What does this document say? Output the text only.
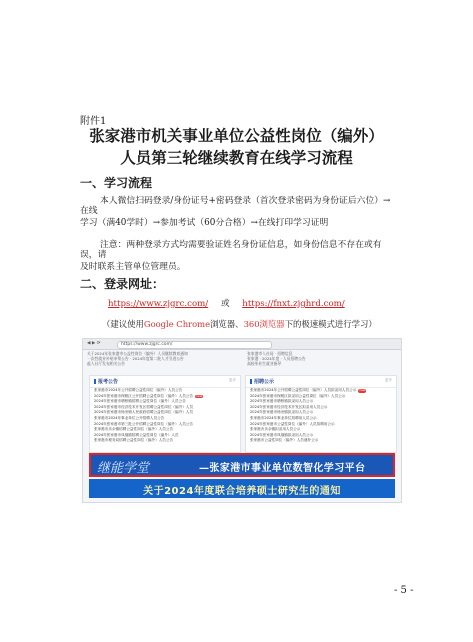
附件1
张家港市机关事业单位公益性岗位（编外）
人员第三轮继续教育在线学习流程
一、学习流程
本人微信扫码登录/身份证号+密码登录（首次登录密码为身份证后六位）→在线
学习（满40学时）→参加考试（60分合格）→在线打印学习证明
注意：两种登录方式均需要验证姓名身份证信息，如身份信息不存在或有误，请
及时联系主管单位管理员。
二、登录网址：
https://www.zjgrc.com/ 或 https://fnxt.zjghrd.com/
（建议使用Google Chrome浏览器、360浏览器下的极速模式进行学习）
◀ ▶ ⟳	https://www.zjgrc.com/
关于2024年张家港市公益性岗位（编外）人员继续教育通知
一次性就业补贴申领公告 · 2024年度第二批人才引进公告
盐人社厅发布相关公告
张家港市人社局 · 招聘信息
张家港 · 2024年度 · 人员招聘公告
高校毕业生就业指导
报考公告	更多
张家港市2024年公开招聘公益性岗位（编外）人员公告
2024年张家港市保税区公开招聘公益性岗位（编外）人员公告 new
2024年张家港市塘桥镇招聘公益性岗位（编外）人员公告
2024年张家港市经济技术开发区招聘公益性岗位（编外）人员
2024年张家港市杨舍镇人民政府招聘公益性岗位（编外）人员
张家港市2024年事业单位公开招聘人员公告
2024年张家港市第三批公开招聘公益性岗位（编外）人员公告
张家港市乐余镇招聘公益性岗位（编外）人员公告
2024年张家港市凤凰镇招聘公益性岗位（编外）人员
张家港市税务局招聘公益性岗位（编外）人员公告
招聘公示	更多
张家港市2024年公开招聘公益性岗位（编外）人员拟录用人员公示 new
2024年张家港市保税区拟录用公益性岗位（编外）人员公示
2024年张家港市塘桥镇拟录用人员公示
2024年张家港市经济技术开发区拟录用人员公示
2024年张家港市杨舍镇拟录用人员公示
张家港市2024年事业单位拟聘用人员公示
2024年张家港市公益性岗位（编外）人员拟聘用公示
张家港市乐余镇拟录用人员公示
2024年张家港市凤凰镇拟录用人员公示
张家港市公益性岗位（编外）人员递补公示
继能学堂	—张家港市事业单位数智化学习平台
关于2024年度联合培养硕士研究生的通知
- 5 -
